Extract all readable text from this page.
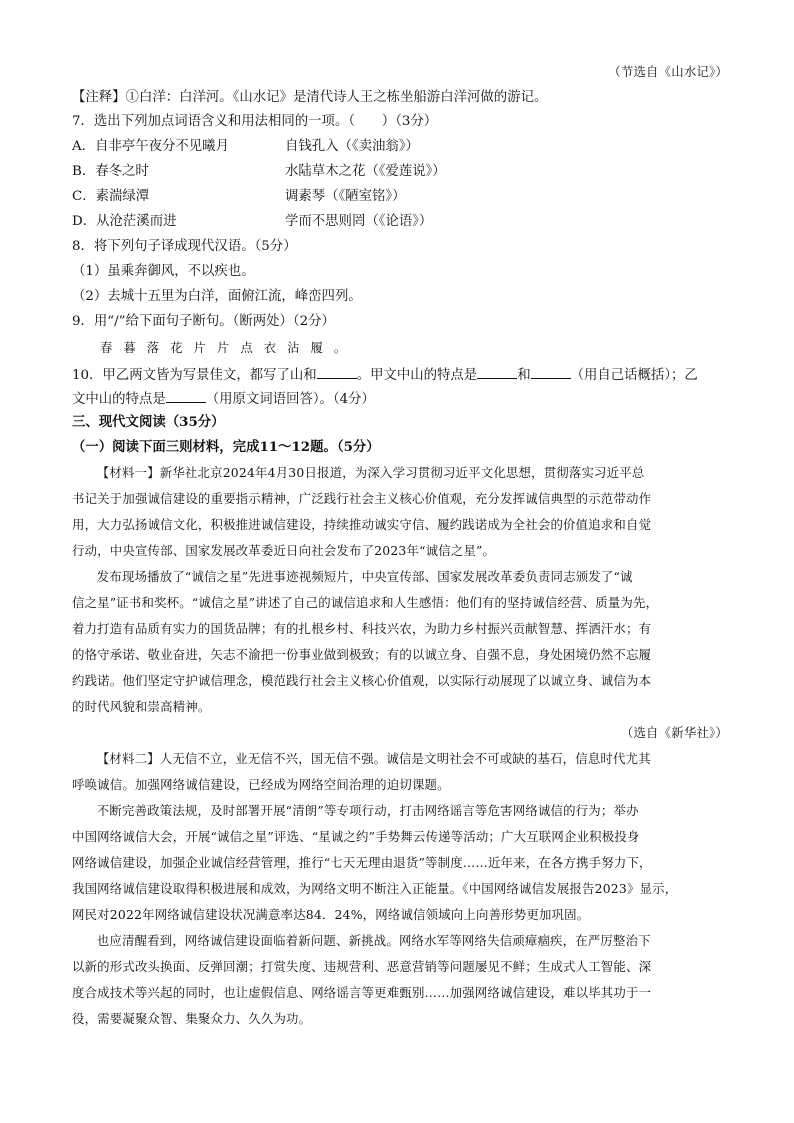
（节选自《山水记》）
【注释】①白洋：白洋河。《山水记》是清代诗人王之栋坐船游白洋河做的游记。
7．选出下列加点词语含义和用法相同的一项。（　　）（3分）
A．自非亭午夜分不见曦月	自钱孔入（《卖油翁》）
B．春冬之时	水陆草木之花（《爱莲说》）
C．素湍绿潭	调素琴（《陋室铭》）
D．从沧茫溪而进	学而不思则罔（《论语》）
8．将下列句子译成现代汉语。（5分）
（1）虽乘奔御风，不以疾也。
（2）去城十五里为白洋，面俯江流，峰峦四列。
9．用“/”给下面句子断句。（断两处）（2分）
春暮落花片片点衣沾履。
10．甲乙两文皆为写景佳文，都写了山和	。甲文中山的特点是	和	（用自己话概括）；乙
文中山的特点是	（用原文词语回答）。（4分）
三、现代文阅读（35分）
（一）阅读下面三则材料，完成11～12题。（5分）
【材料一】新华社北京2024年4月30日报道，为深入学习贯彻习近平文化思想，贯彻落实习近平总
书记关于加强诚信建设的重要指示精神，广泛践行社会主义核心价值观，充分发挥诚信典型的示范带动作
用，大力弘扬诚信文化，积极推进诚信建设，持续推动诚实守信、履约践诺成为全社会的价值追求和自觉
行动，中央宣传部、国家发展改革委近日向社会发布了2023年“诚信之星”。
发布现场播放了“诚信之星”先进事迹视频短片，中央宣传部、国家发展改革委负责同志颁发了“诚
信之星”证书和奖杯。“诚信之星”讲述了自己的诚信追求和人生感悟：他们有的坚持诚信经营、质量为先，
着力打造有品质有实力的国货品牌；有的扎根乡村、科技兴农，为助力乡村振兴贡献智慧、挥洒汗水；有
的恪守承诺、敬业奋进，矢志不渝把一份事业做到极致；有的以诚立身、自强不息，身处困境仍然不忘履
约践诺。他们坚定守护诚信理念，模范践行社会主义核心价值观，以实际行动展现了以诚立身、诚信为本
的时代风貌和崇高精神。
（选自《新华社》）
【材料二】人无信不立，业无信不兴，国无信不强。诚信是文明社会不可或缺的基石，信息时代尤其
呼唤诚信。加强网络诚信建设，已经成为网络空间治理的迫切课题。
不断完善政策法规，及时部署开展“清朗”等专项行动，打击网络谣言等危害网络诚信的行为；举办
中国网络诚信大会，开展“诚信之星”评选、“星诚之约”手势舞云传递等活动；广大互联网企业积极投身
网络诚信建设，加强企业诚信经营管理，推行“七天无理由退货”等制度……近年来，在各方携手努力下，
我国网络诚信建设取得积极进展和成效，为网络文明不断注入正能量。《中国网络诚信发展报告2023》显示，
网民对2022年网络诚信建设状况满意率达84．24%，网络诚信领域向上向善形势更加巩固。
也应清醒看到，网络诚信建设面临着新问题、新挑战。网络水军等网络失信顽瘴痼疾，在严厉整治下
以新的形式改头换面、反弹回潮；打赏失度、违规营利、恶意营销等问题屡见不鲜；生成式人工智能、深
度合成技术等兴起的同时，也让虚假信息、网络谣言等更难甄别……加强网络诚信建设，难以毕其功于一
役，需要凝聚众智、集聚众力、久久为功。
